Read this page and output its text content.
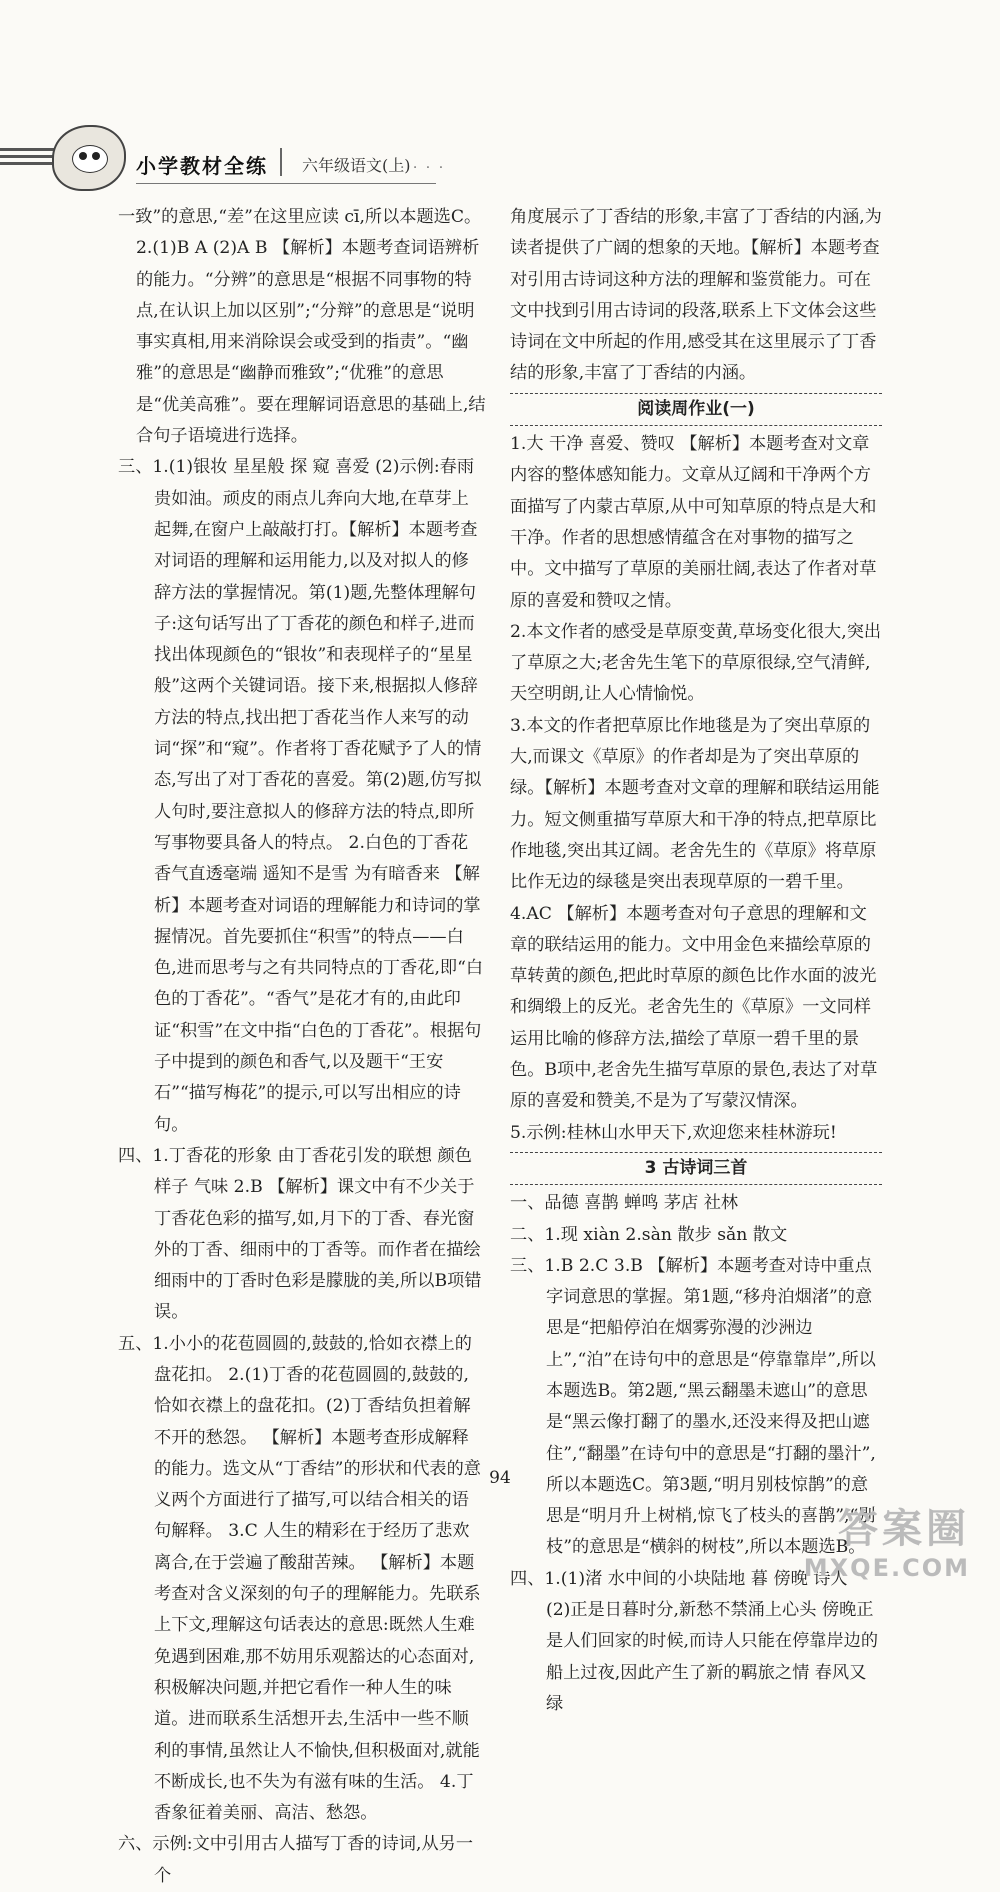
小学教材全练 六年级语文(上)
· · · ·

一致”的意思,“差”在这里应读 cī,所以本题选C。

2.(1)B A (2)A B 【解析】本题考查词语辨析的能力。“分辨”的意思是“根据不同事物的特点,在认识上加以区别”;“分辩”的意思是“说明事实真相,用来消除误会或受到的指责”。“幽雅”的意思是“幽静而雅致”;“优雅”的意思是“优美高雅”。要在理解词语意思的基础上,结合句子语境进行选择。

三、1.(1)银妆 星星般 探 窥 喜爱 (2)示例:春雨贵如油。顽皮的雨点儿奔向大地,在草芽上起舞,在窗户上敲敲打打。【解析】本题考查对词语的理解和运用能力,以及对拟人的修辞方法的掌握情况。第(1)题,先整体理解句子:这句话写出了丁香花的颜色和样子,进而找出体现颜色的“银妆”和表现样子的“星星般”这两个关键词语。接下来,根据拟人修辞方法的特点,找出把丁香花当作人来写的动词“探”和“窥”。作者将丁香花赋予了人的情态,写出了对丁香花的喜爱。第(2)题,仿写拟人句时,要注意拟人的修辞方法的特点,即所写事物要具备人的特点。 2.白色的丁香花 香气直透毫端 遥知不是雪 为有暗香来 【解析】本题考查对词语的理解能力和诗词的掌握情况。首先要抓住“积雪”的特点——白色,进而思考与之有共同特点的丁香花,即“白色的丁香花”。“香气”是花才有的,由此印证“积雪”在文中指“白色的丁香花”。根据句子中提到的颜色和香气,以及题干“王安石”“描写梅花”的提示,可以写出相应的诗句。

四、1.丁香花的形象 由丁香花引发的联想 颜色 样子 气味 2.B 【解析】课文中有不少关于丁香花色彩的描写,如,月下的丁香、春光窗外的丁香、细雨中的丁香等。而作者在描绘细雨中的丁香时色彩是朦胧的美,所以B项错误。

五、1.小小的花苞圆圆的,鼓鼓的,恰如衣襟上的盘花扣。 2.(1)丁香的花苞圆圆的,鼓鼓的,恰如衣襟上的盘花扣。(2)丁香结负担着解不开的愁怨。 【解析】本题考查形成解释的能力。选文从“丁香结”的形状和代表的意义两个方面进行了描写,可以结合相关的语句解释。 3.C 人生的精彩在于经历了悲欢离合,在于尝遍了酸甜苦辣。 【解析】本题考查对含义深刻的句子的理解能力。先联系上下文,理解这句话表达的意思:既然人生难免遇到困难,那不妨用乐观豁达的心态面对,积极解决问题,并把它看作一种人生的味道。进而联系生活想开去,生活中一些不顺利的事情,虽然让人不愉快,但积极面对,就能不断成长,也不失为有滋有味的生活。 4.丁香象征着美丽、高洁、愁怨。

六、示例:文中引用古人描写丁香的诗词,从另一个

角度展示了丁香结的形象,丰富了丁香结的内涵,为读者提供了广阔的想象的天地。【解析】本题考查对引用古诗词这种方法的理解和鉴赏能力。可在文中找到引用古诗词的段落,联系上下文体会这些诗词在文中所起的作用,感受其在这里展示了丁香结的形象,丰富了丁香结的内涵。

阅读周作业(一)

1.大 干净 喜爱、赞叹 【解析】本题考查对文章内容的整体感知能力。文章从辽阔和干净两个方面描写了内蒙古草原,从中可知草原的特点是大和干净。作者的思想感情蕴含在对事物的描写之中。文中描写了草原的美丽壮阔,表达了作者对草原的喜爱和赞叹之情。

2.本文作者的感受是草原变黄,草场变化很大,突出了草原之大;老舍先生笔下的草原很绿,空气清鲜,天空明朗,让人心情愉悦。

3.本文的作者把草原比作地毯是为了突出草原的大,而课文《草原》的作者却是为了突出草原的绿。【解析】本题考查对文章的理解和联结运用能力。短文侧重描写草原大和干净的特点,把草原比作地毯,突出其辽阔。老舍先生的《草原》将草原比作无边的绿毯是突出表现草原的一碧千里。

4.AC 【解析】本题考查对句子意思的理解和文章的联结运用的能力。文中用金色来描绘草原的草转黄的颜色,把此时草原的颜色比作水面的波光和绸缎上的反光。老舍先生的《草原》一文同样运用比喻的修辞方法,描绘了草原一碧千里的景色。B项中,老舍先生描写草原的景色,表达了对草原的喜爱和赞美,不是为了写蒙汉情深。

5.示例:桂林山水甲天下,欢迎您来桂林游玩!

3 古诗词三首

一、品德 喜鹊 蝉鸣 茅店 社林

二、1.现 xiàn 2.sàn 散步 sǎn 散文

三、1.B 2.C 3.B 【解析】本题考查对诗中重点字词意思的掌握。第1题,“移舟泊烟渚”的意思是“把船停泊在烟雾弥漫的沙洲边上”,“泊”在诗句中的意思是“停靠靠岸”,所以本题选B。第2题,“黑云翻墨未遮山”的意思是“黑云像打翻了的墨水,还没来得及把山遮住”,“翻墨”在诗句中的意思是“打翻的墨汁”,所以本题选C。第3题,“明月别枝惊鹊”的意思是“明月升上树梢,惊飞了枝头的喜鹊”,“别枝”的意思是“横斜的树枝”,所以本题选B。

四、1.(1)渚 水中间的小块陆地 暮 傍晚 诗人

(2)正是日暮时分,新愁不禁涌上心头 傍晚正是人们回家的时候,而诗人只能在停靠岸边的船上过夜,因此产生了新的羁旅之情 春风又绿

94
答案圈
MXQE.COM
